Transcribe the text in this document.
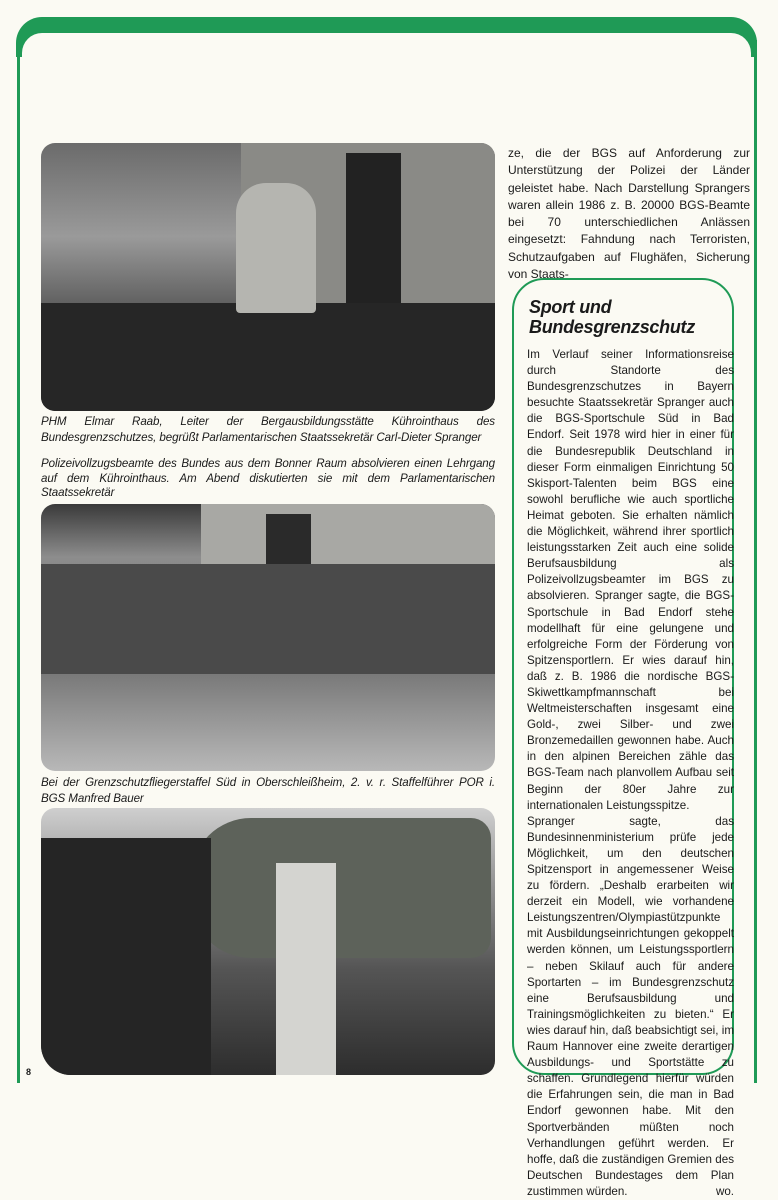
PHM Elmar Raab, Leiter der Bergausbildungsstätte Kührointhaus des Bundesgrenzschutzes, begrüßt Parlamentarischen Staatssekretär Carl-Dieter Spranger
Polizeivollzugsbeamte des Bundes aus dem Bonner Raum absolvieren einen Lehrgang auf dem Kührointhaus. Am Abend diskutierten sie mit dem Parlamentarischen Staatssekretär
Bei der Grenzschutzfliegerstaffel Süd in Oberschleißheim, 2. v. r. Staffelführer POR i. BGS Manfred Bauer
ze, die der BGS auf Anforderung zur Unterstützung der Polizei der Länder geleistet habe. Nach Darstellung Sprangers waren allein 1986 z. B. 20000 BGS-Beamte bei 70 unterschiedlichen Anlässen eingesetzt: Fahndung nach Terroristen, Schutzaufgaben auf Flughäfen, Sicherung von Staats-
Sport und
Bundesgrenzschutz

Im Verlauf seiner Informationsreise durch Standorte des Bundesgrenzschutzes in Bayern besuchte Staatssekretär Spranger auch die BGS-Sportschule Süd in Bad Endorf. Seit 1978 wird hier in einer für die Bundesrepublik Deutschland in dieser Form einmaligen Einrichtung 50 Skisport-Talenten beim BGS eine sowohl berufliche wie auch sportliche Heimat geboten. Sie erhalten nämlich die Möglichkeit, während ihrer sportlich leistungsstarken Zeit auch eine solide Berufsausbildung als Polizeivollzugsbeamter im BGS zu absolvieren. Spranger sagte, die BGS-Sportschule in Bad Endorf stehe modellhaft für eine gelungene und erfolgreiche Form der Förderung von Spitzensportlern. Er wies darauf hin, daß z. B. 1986 die nordische BGS-Skiwettkampfmannschaft bei Weltmeisterschaften insgesamt eine Gold-, zwei Silber- und zwei Bronzemedaillen gewonnen habe. Auch in den alpinen Bereichen zähle das BGS-Team nach planvollem Aufbau seit Beginn der 80er Jahre zur internationalen Leistungsspitze.

Spranger sagte, das Bundesinnenministerium prüfe jede Möglichkeit, um den deutschen Spitzensport in angemessener Weise zu fördern. „Deshalb erarbeiten wir derzeit ein Modell, wie vorhandene Leistungszentren/Olympiastützpunkte mit Ausbildungseinrichtungen gekoppelt werden können, um Leistungssportlern – neben Skilauf auch für andere Sportarten – im Bundesgrenzschutz eine Berufsausbildung und Trainingsmöglichkeiten zu bieten.“ Er wies darauf hin, daß beabsichtigt sei, im Raum Hannover eine zweite derartigen Ausbildungs- und Sportstätte zu schaffen. Grundlegend hierfür würden die Erfahrungen sein, die man in Bad Endorf gewonnen habe. Mit den Sportverbänden müßten noch Verhandlungen geführt werden. Er hoffe, daß die zuständigen Gremien des Deutschen Bundestages dem Plan zustimmen würden.	wo.

8
